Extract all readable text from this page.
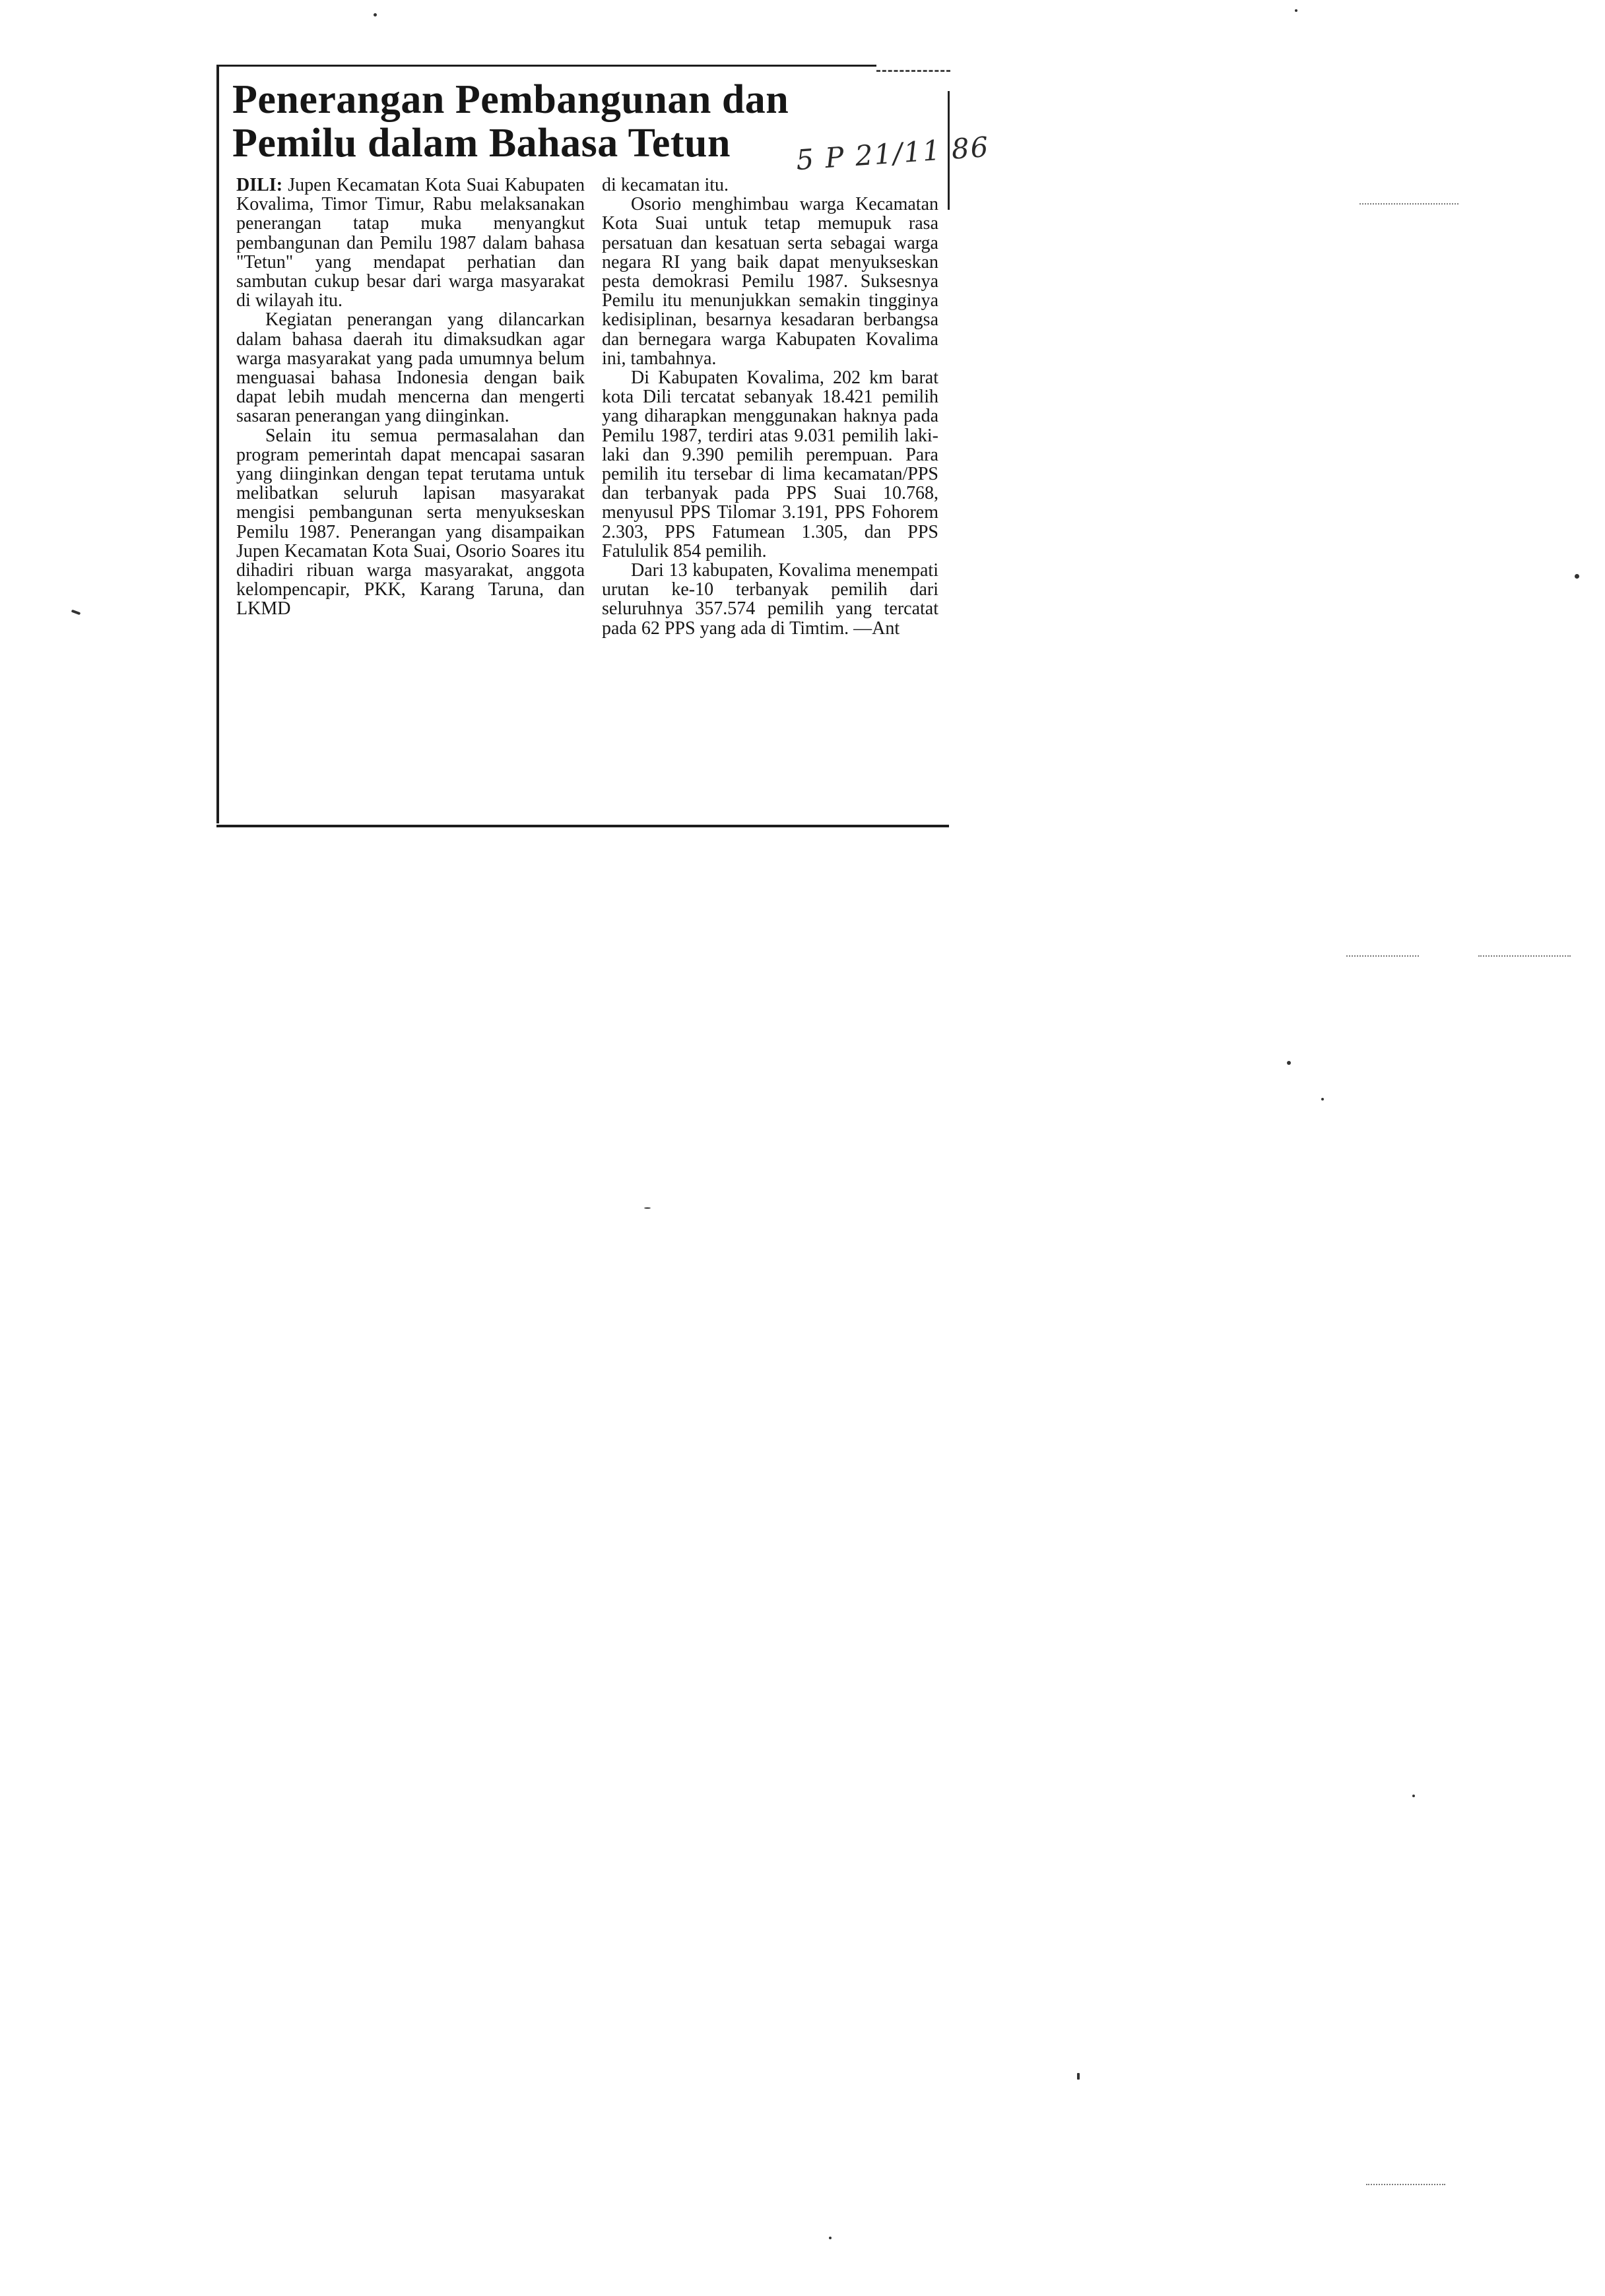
Penerangan Pembangunan dan
Pemilu dalam Bahasa Tetun	5 P 21/11 86

DILI: Jupen Kecamatan Kota Suai Kabupaten Kovalima, Timor Timur, Rabu melaksanakan penerangan tatap muka menyangkut pembangunan dan Pemilu 1987 dalam bahasa "Tetun" yang mendapat perhatian dan sambutan cukup besar dari warga masyarakat di wilayah itu.

Kegiatan penerangan yang dilancarkan dalam bahasa daerah itu dimaksudkan agar warga masyarakat yang pada umumnya belum menguasai bahasa Indonesia dengan baik dapat lebih mudah mencerna dan mengerti sasaran penerangan yang diinginkan.

Selain itu semua permasalahan dan program pemerintah dapat mencapai sasaran yang diinginkan dengan tepat terutama untuk melibatkan seluruh lapisan masyarakat mengisi pembangunan serta menyukseskan Pemilu 1987. Penerangan yang disampaikan Jupen Kecamatan Kota Suai, Osorio Soares itu dihadiri ribuan warga masyarakat, anggota kelompencapir, PKK, Karang Taruna, dan LKMD

di kecamatan itu.

Osorio menghimbau warga Kecamatan Kota Suai untuk tetap memupuk rasa persatuan dan kesatuan serta sebagai warga negara RI yang baik dapat menyukseskan pesta demokrasi Pemilu 1987. Suksesnya Pemilu itu menunjukkan semakin tingginya kedisiplinan, besarnya kesadaran berbangsa dan bernegara warga Kabupaten Kovalima ini, tambahnya.

Di Kabupaten Kovalima, 202 km barat kota Dili tercatat sebanyak 18.421 pemilih yang diharapkan menggunakan haknya pada Pemilu 1987, terdiri atas 9.031 pemilih laki-laki dan 9.390 pemilih perempuan. Para pemilih itu tersebar di lima kecamatan/PPS dan terbanyak pada PPS Suai 10.768, menyusul PPS Tilomar 3.191, PPS Fohorem 2.303, PPS Fatumean 1.305, dan PPS Fatululik 854 pemilih.

Dari 13 kabupaten, Kovalima menempati urutan ke-10 terbanyak pemilih dari seluruhnya 357.574 pemilih yang tercatat pada 62 PPS yang ada di Timtim. —Ant
